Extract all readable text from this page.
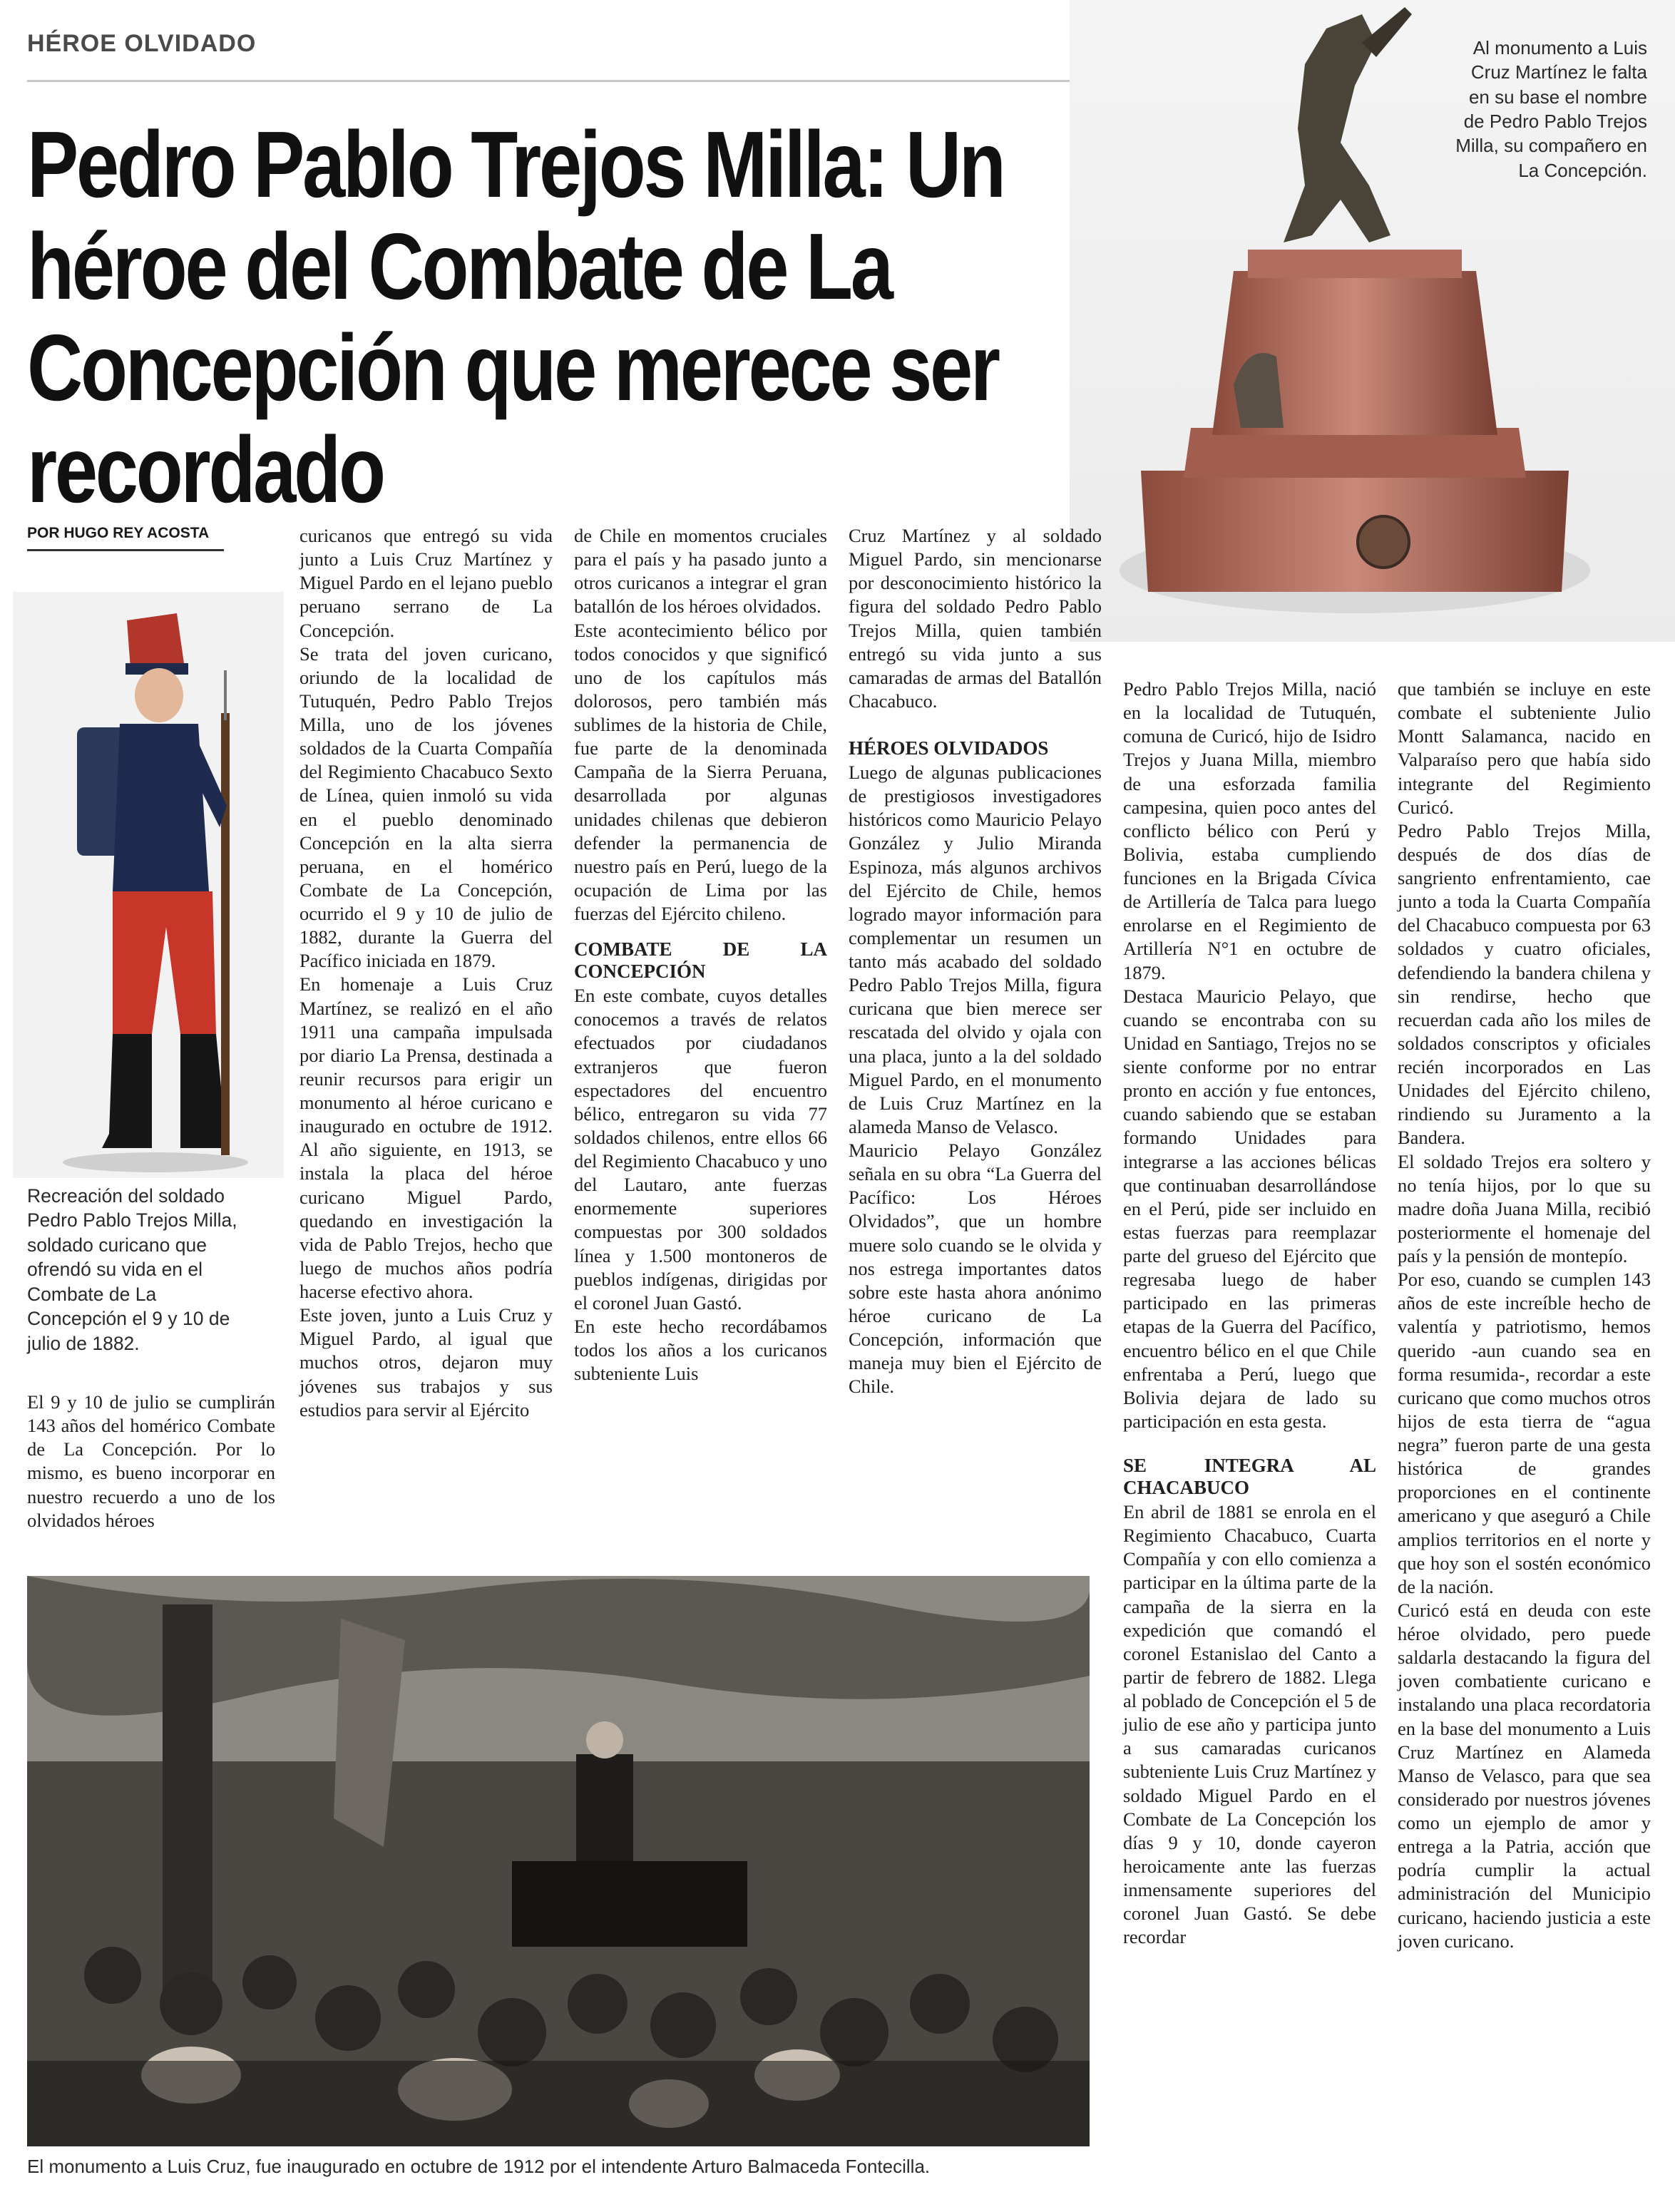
HÉROE OLVIDADO
Pedro Pablo Trejos Milla: Un héroe del Combate de La Concepción que merece ser recordado
Al monumento a Luis Cruz Martínez le falta en su base el nombre de Pedro Pablo Trejos Milla, su compañero en La Concepción.
POR HUGO REY ACOSTA
Recreación del soldado Pedro Pablo Trejos Milla, soldado curicano que ofrendó su vida en el Combate de La Concepción el 9 y 10 de julio de 1882.

El 9 y 10 de julio se cumplirán 143 años del homérico Combate de La Concepción. Por lo mismo, es bueno incorporar en nuestro recuerdo a uno de los olvidados héroes

curicanos que entregó su vida junto a Luis Cruz Martínez y Miguel Pardo en el lejano pueblo peruano serrano de La Concepción.

Se trata del joven curicano, oriundo de la localidad de Tutuquén, Pedro Pablo Trejos Milla, uno de los jóvenes soldados de la Cuarta Compañía del Regimiento Chacabuco Sexto de Línea, quien inmoló su vida en el pueblo denominado Concepción en la alta sierra peruana, en el homérico Combate de La Concepción, ocurrido el 9 y 10 de julio de 1882, durante la Guerra del Pacífico iniciada en 1879.

En homenaje a Luis Cruz Martínez, se realizó en el año 1911 una campaña impulsada por diario La Prensa, destinada a reunir recursos para erigir un monumento al héroe curicano e inaugurado en octubre de 1912. Al año siguiente, en 1913, se instala la placa del héroe curicano Miguel Pardo, quedando en investigación la vida de Pablo Trejos, hecho que luego de muchos años podría hacerse efectivo ahora.

Este joven, junto a Luis Cruz y Miguel Pardo, al igual que muchos otros, dejaron muy jóvenes sus trabajos y sus estudios para servir al Ejército

de Chile en momentos cruciales para el país y ha pasado junto a otros curicanos a integrar el gran batallón de los héroes olvidados.

Este acontecimiento bélico por todos conocidos y que significó uno de los capítulos más dolorosos, pero también más sublimes de la historia de Chile, fue parte de la denominada Campaña de la Sierra Peruana, desarrollada por algunas unidades chilenas que debieron defender la permanencia de nuestro país en Perú, luego de la ocupación de Lima por las fuerzas del Ejército chileno.

COMBATE DE LA CONCEPCIÓN

En este combate, cuyos detalles conocemos a través de relatos efectuados por ciudadanos extranjeros que fueron espectadores del encuentro bélico, entregaron su vida 77 soldados chilenos, entre ellos 66 del Regimiento Chacabuco y uno del Lautaro, ante fuerzas enormemente superiores compuestas por 300 soldados línea y 1.500 montoneros de pueblos indígenas, dirigidas por el coronel Juan Gastó.

En este hecho recordábamos todos los años a los curicanos subteniente Luis

Cruz Martínez y al soldado Miguel Pardo, sin mencionarse por desconocimiento histórico la figura del soldado Pedro Pablo Trejos Milla, quien también entregó su vida junto a sus camaradas de armas del Batallón Chacabuco.

HÉROES OLVIDADOS

Luego de algunas publicaciones de prestigiosos investigadores históricos como Mauricio Pelayo González y Julio Miranda Espinoza, más algunos archivos del Ejército de Chile, hemos logrado mayor información para complementar un resumen un tanto más acabado del soldado Pedro Pablo Trejos Milla, figura curicana que bien merece ser rescatada del olvido y ojala con una placa, junto a la del soldado Miguel Pardo, en el monumento de Luis Cruz Martínez en la alameda Manso de Velasco.

Mauricio Pelayo González señala en su obra “La Guerra del Pacífico: Los Héroes Olvidados”, que un hombre muere solo cuando se le olvida y nos estrega importantes datos sobre este hasta ahora anónimo héroe curicano de La Concepción, información que maneja muy bien el Ejército de Chile.

Pedro Pablo Trejos Milla, nació en la localidad de Tutuquén, comuna de Curicó, hijo de Isidro Trejos y Juana Milla, miembro de una esforzada familia campesina, quien poco antes del conflicto bélico con Perú y Bolivia, estaba cumpliendo funciones en la Brigada Cívica de Artillería de Talca para luego enrolarse en el Regimiento de Artillería N°1 en octubre de 1879.

Destaca Mauricio Pelayo, que cuando se encontraba con su Unidad en Santiago, Trejos no se siente conforme por no entrar pronto en acción y fue entonces, cuando sabiendo que se estaban formando Unidades para integrarse a las acciones bélicas que continuaban desarrollándose en el Perú, pide ser incluido en estas fuerzas para reemplazar parte del grueso del Ejército que regresaba luego de haber participado en las primeras etapas de la Guerra del Pacífico, encuentro bélico en el que Chile enfrentaba a Perú, luego que Bolivia dejara de lado su participación en esta gesta.

SE INTEGRA AL CHACABUCO

En abril de 1881 se enrola en el Regimiento Chacabuco, Cuarta Compañía y con ello comienza a participar en la última parte de la campaña de la sierra en la expedición que comandó el coronel Estanislao del Canto a partir de febrero de 1882. Llega al poblado de Concepción el 5 de julio de ese año y participa junto a sus camaradas curicanos subteniente Luis Cruz Martínez y soldado Miguel Pardo en el Combate de La Concepción los días 9 y 10, donde cayeron heroicamente ante las fuerzas inmensamente superiores del coronel Juan Gastó. Se debe recordar

que también se incluye en este combate el subteniente Julio Montt Salamanca, nacido en Valparaíso pero que había sido integrante del Regimiento Curicó.

Pedro Pablo Trejos Milla, después de dos días de sangriento enfrentamiento, cae junto a toda la Cuarta Compañía del Chacabuco compuesta por 63 soldados y cuatro oficiales, defendiendo la bandera chilena y sin rendirse, hecho que recuerdan cada año los miles de soldados conscriptos y oficiales recién incorporados en Las Unidades del Ejército chileno, rindiendo su Juramento a la Bandera.

El soldado Trejos era soltero y no tenía hijos, por lo que su madre doña Juana Milla, recibió posteriormente el homenaje del país y la pensión de montepío.

Por eso, cuando se cumplen 143 años de este increíble hecho de valentía y patriotismo, hemos querido -aun cuando sea en forma resumida-, recordar a este curicano que como muchos otros hijos de esta tierra de “agua negra” fueron parte de una gesta histórica de grandes proporciones en el continente americano y que aseguró a Chile amplios territorios en el norte y que hoy son el sostén económico de la nación.

Curicó está en deuda con este héroe olvidado, pero puede saldarla destacando la figura del joven combatiente curicano e instalando una placa recordatoria en la base del monumento a Luis Cruz Martínez en Alameda Manso de Velasco, para que sea considerado por nuestros jóvenes como un ejemplo de amor y entrega a la Patria, acción que podría cumplir la actual administración del Municipio curicano, haciendo justicia a este joven curicano.

El monumento a Luis Cruz, fue inaugurado en octubre de 1912 por el intendente Arturo Balmaceda Fontecilla.
